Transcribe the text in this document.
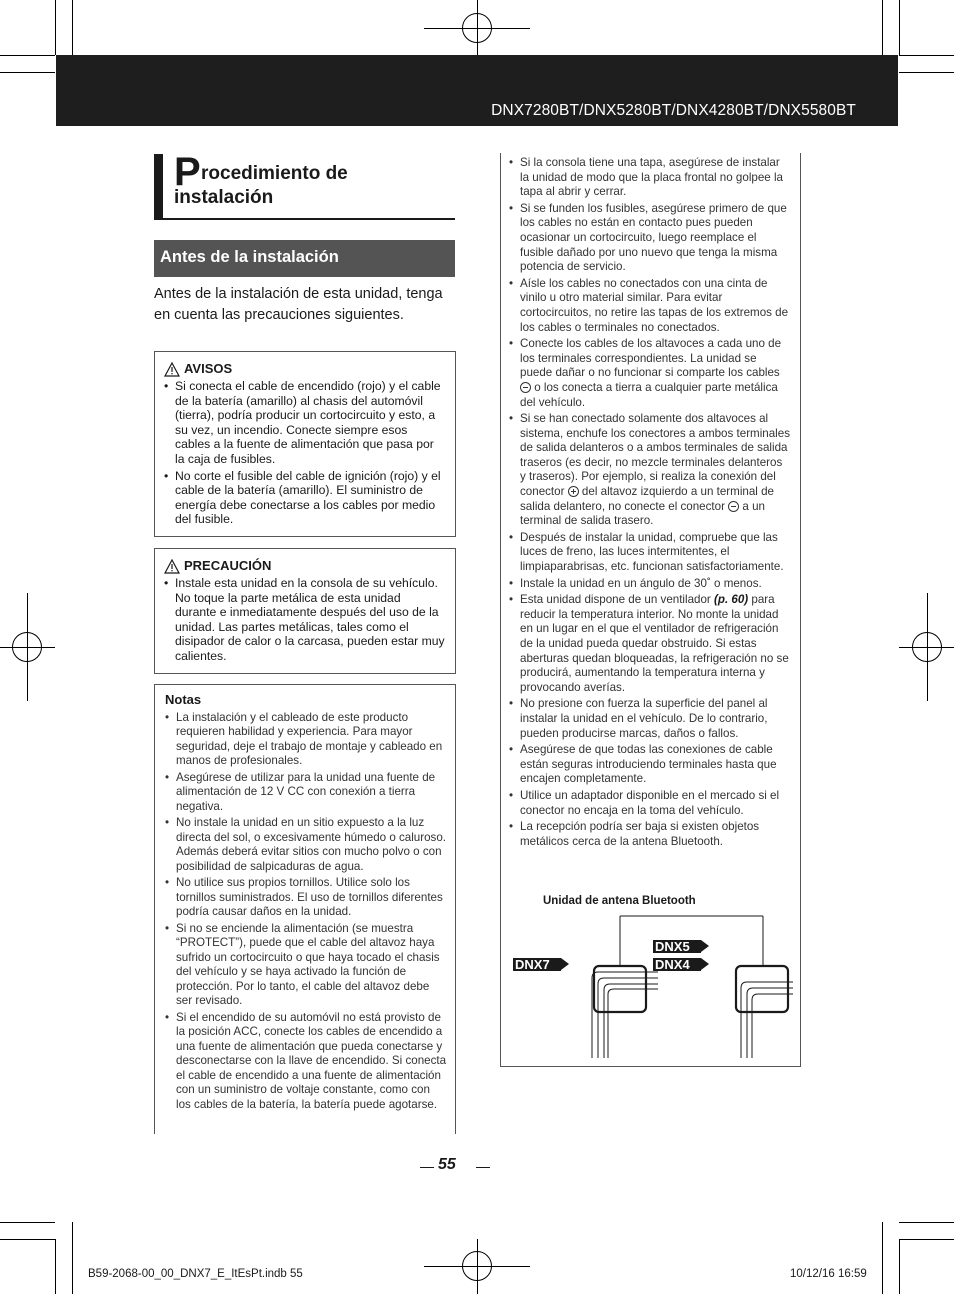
DNX7280BT/DNX5280BT/DNX4280BT/DNX5580BT
P rocedimiento de
instalación
Antes de la instalación

Antes de la instalación de esta unidad, tenga en cuenta las precauciones siguientes.

AVISOS
• Si conecta el cable de encendido (rojo) y el cable de la batería (amarillo) al chasis del automóvil (tierra), podría producir un cortocircuito y esto, a su vez, un incendio. Conecte siempre esos cables a la fuente de alimentación que pasa por la caja de fusibles.
• No corte el fusible del cable de ignición (rojo) y el cable de la batería (amarillo). El suministro de energía debe conectarse a los cables por medio del fusible.
PRECAUCIÓN
• Instale esta unidad en la consola de su vehículo. No toque la parte metálica de esta unidad durante e inmediatamente después del uso de la unidad. Las partes metálicas, tales como el disipador de calor o la carcasa, pueden estar muy calientes.
Notas
• La instalación y el cableado de este producto requieren habilidad y experiencia. Para mayor seguridad, deje el trabajo de montaje y cableado en manos de profesionales.
• Asegúrese de utilizar para la unidad una fuente de alimentación de 12 V CC con conexión a tierra negativa.
• No instale la unidad en un sitio expuesto a la luz directa del sol, o excesivamente húmedo o caluroso. Además deberá evitar sitios con mucho polvo o con posibilidad de salpicaduras de agua.
• No utilice sus propios tornillos. Utilice solo los tornillos suministrados. El uso de tornillos diferentes podría causar daños en la unidad.
• Si no se enciende la alimentación (se muestra “PROTECT”), puede que el cable del altavoz haya sufrido un cortocircuito o que haya tocado el chasis del vehículo y se haya activado la función de protección. Por lo tanto, el cable del altavoz debe ser revisado.
• Si el encendido de su automóvil no está provisto de la posición ACC, conecte los cables de encendido a una fuente de alimentación que pueda conectarse y desconectarse con la llave de encendido. Si conecta el cable de encendido a una fuente de alimentación con un suministro de voltaje constante, como con los cables de la batería, la batería puede agotarse.
• Si la consola tiene una tapa, asegúrese de instalar la unidad de modo que la placa frontal no golpee la tapa al abrir y cerrar.
• Si se funden los fusibles, asegúrese primero de que los cables no están en contacto pues pueden ocasionar un cortocircuito, luego reemplace el fusible dañado por uno nuevo que tenga la misma potencia de servicio.
• Aísle los cables no conectados con una cinta de vinilo u otro material similar. Para evitar cortocircuitos, no retire las tapas de los extremos de los cables o terminales no conectados.
• Conecte los cables de los altavoces a cada uno de los terminales correspondientes. La unidad se puede dañar o no funcionar si comparte los cables  o los conecta a tierra a cualquier parte metálica del vehículo.
• Si se han conectado solamente dos altavoces al sistema, enchufe los conectores a ambos terminales de salida delanteros o a ambos terminales de salida traseros (es decir, no mezcle terminales delanteros y traseros). Por ejemplo, si realiza la conexión del conector  del altavoz izquierdo a un terminal de salida delantero, no conecte el conector  a un terminal de salida trasero.
• Después de instalar la unidad, compruebe que las luces de freno, las luces intermitentes, el limpiaparabrisas, etc. funcionan satisfactoriamente.
• Instale la unidad en un ángulo de 30˚ o menos.
• Esta unidad dispone de un ventilador (p. 60) para reducir la temperatura interior. No monte la unidad en un lugar en el que el ventilador de refrigeración de la unidad pueda quedar obstruido. Si estas aberturas quedan bloqueadas, la refrigeración no se producirá, aumentando la temperatura interna y provocando averías.
• No presione con fuerza la superficie del panel al instalar la unidad en el vehículo. De lo contrario, pueden producirse marcas, daños o fallos.
• Asegúrese de que todas las conexiones de cable están seguras introduciendo terminales hasta que encajen completamente.
• Utilice un adaptador disponible en el mercado si el conector no encaja en la toma del vehículo.
• La recepción podría ser baja si existen objetos metálicos cerca de la antena Bluetooth.
Unidad de antena Bluetooth
DNX7
DNX5
DNX4
55
B59-2068-00_00_DNX7_E_ItEsPt.indb 55	10/12/16 16:59
